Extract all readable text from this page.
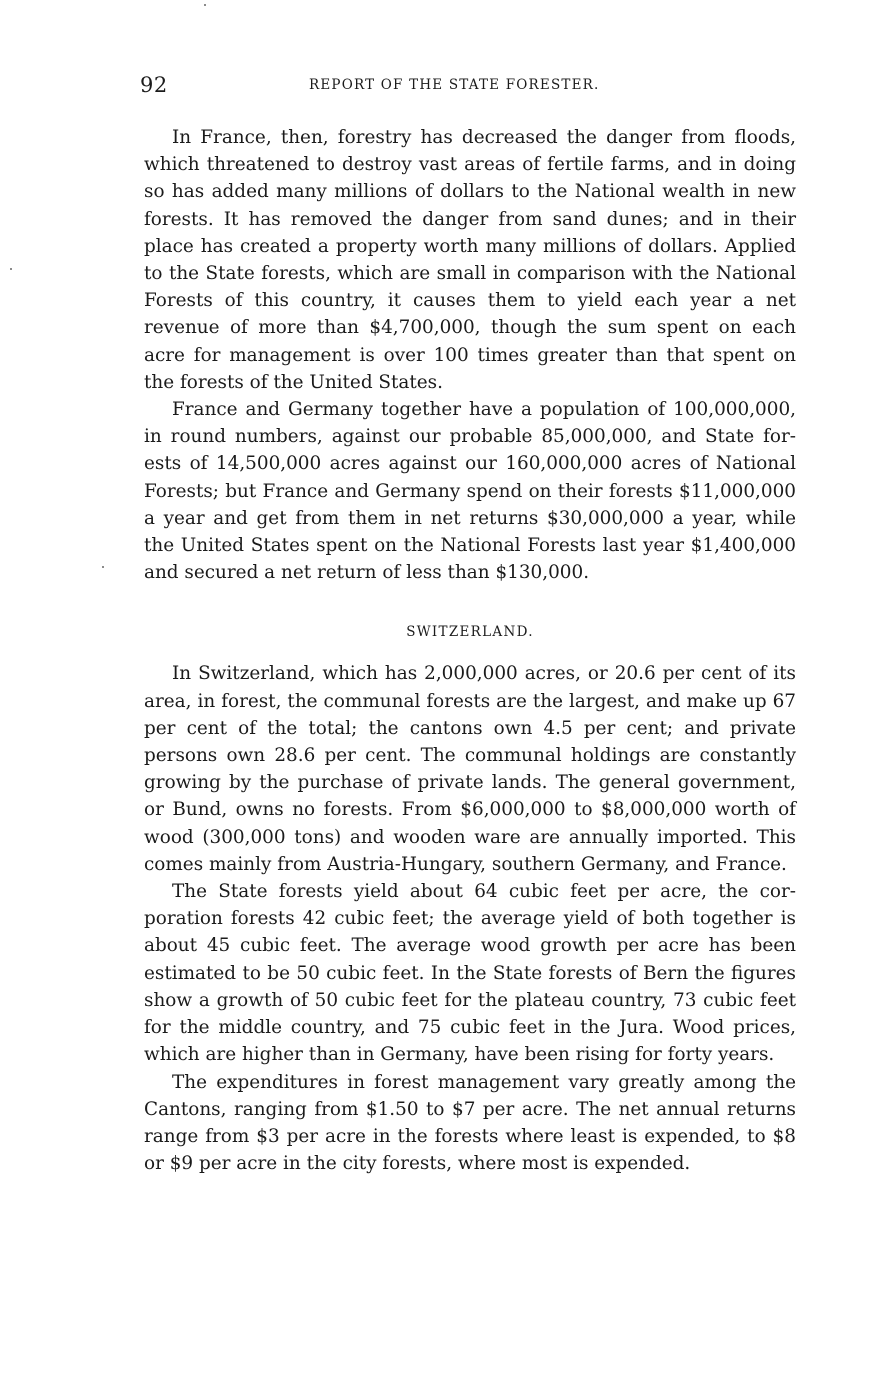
92	REPORT OF THE STATE FORESTER.

In France, then, forestry has decreased the danger from floods, which threatened to destroy vast areas of fertile farms, and in doing so has added many millions of dollars to the National wealth in new forests. It has removed the danger from sand dunes; and in their place has created a property worth many millions of dollars. Applied to the State forests, which are small in comparison with the National Forests of this country, it causes them to yield each year a net revenue of more than $4,700,000, though the sum spent on each acre for management is over 100 times greater than that spent on the forests of the United States.

France and Germany together have a population of 100,000,000, in round numbers, against our probable 85,000,000, and State forests of 14,500,000 acres against our 160,000,000 acres of National Forests; but France and Germany spend on their forests $11,000,000 a year and get from them in net returns $30,000,000 a year, while the United States spent on the National Forests last year $1,400,000 and secured a net return of less than $130,000.

SWITZERLAND.

In Switzerland, which has 2,000,000 acres, or 20.6 per cent of its area, in forest, the communal forests are the largest, and make up 67 per cent of the total; the cantons own 4.5 per cent; and private persons own 28.6 per cent. The communal holdings are constantly growing by the purchase of private lands. The general government, or Bund, owns no forests. From $6,000,000 to $8,000,000 worth of wood (300,000 tons) and wooden ware are annually imported. This comes mainly from Austria-Hungary, southern Germany, and France.

The State forests yield about 64 cubic feet per acre, the corporation forests 42 cubic feet; the average yield of both together is about 45 cubic feet. The average wood growth per acre has been estimated to be 50 cubic feet. In the State forests of Bern the figures show a growth of 50 cubic feet for the plateau country, 73 cubic feet for the middle country, and 75 cubic feet in the Jura. Wood prices, which are higher than in Germany, have been rising for forty years.

The expenditures in forest management vary greatly among the Cantons, ranging from $1.50 to $7 per acre. The net annual returns range from $3 per acre in the forests where least is expended, to $8 or $9 per acre in the city forests, where most is expended.
